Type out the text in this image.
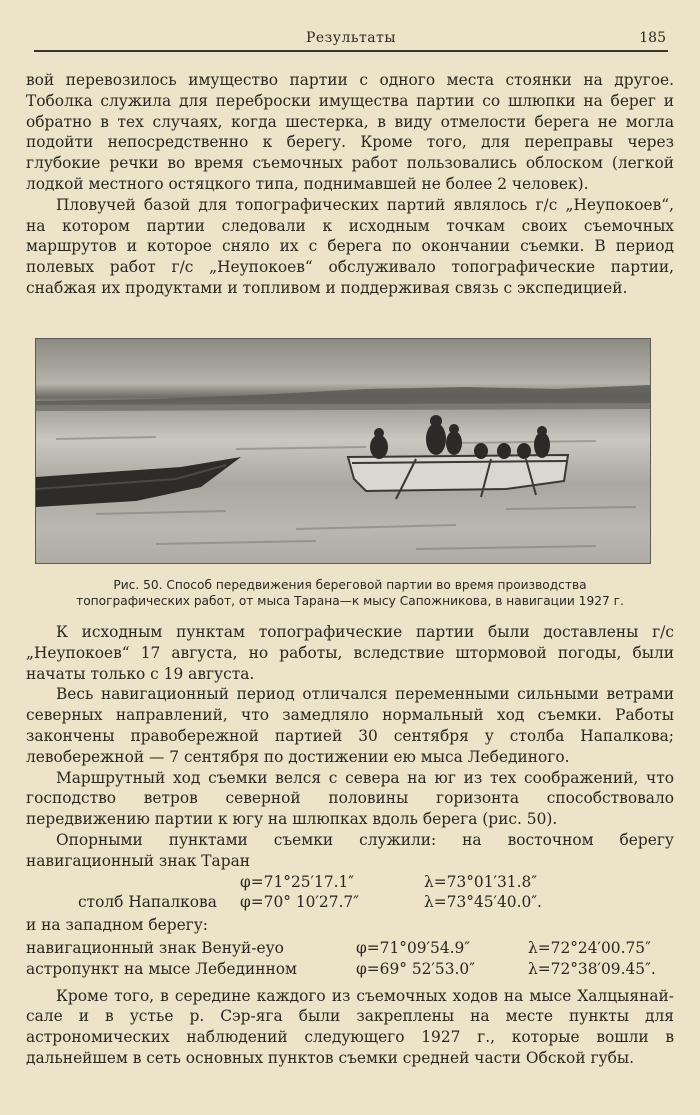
Результаты	185

вой перевозилось имущество партии с одного места стоянки на другое. Тоболка служила для переброски имущества партии со шлюпки на берег и обратно в тех случаях, когда шестерка, в виду отмелости берега не могла подойти непосредственно к берегу. Кроме того, для переправы через глубокие речки во время съемочных работ пользовались облоском (легкой лодкой местного остяцкого типа, поднимавшей не более 2 человек).

Пловучей базой для топографических партий являлось г/с „Неупокоев“, на котором партии следовали к исходным точкам своих съемочных маршрутов и которое сняло их с берега по окончании съемки. В период полевых работ г/с „Неупокоев“ обслуживало топографические партии, снабжая их продуктами и топливом и поддерживая связь с экспедицией.

Рис. 50. Способ передвижения береговой партии во время производства
топографических работ, от мыса Тарана—к мысу Сапожникова, в навигации 1927 г.

К исходным пунктам топографические партии были доставлены г/с „Неупокоев“ 17 августа, но работы, вследствие штормовой погоды, были начаты только с 19 августа.

Весь навигационный период отличался переменными сильными ветрами северных направлений, что замедляло нормальный ход съемки. Работы закончены правобережной партией 30 сентября у столба Напалкова; левобережной — 7 сентября по достижении ею мыса Лебединого.

Маршрутный ход съемки велся с севера на юг из тех соображений, что господство ветров северной половины горизонта способствовало передвижению партии к югу на шлюпках вдоль берега (рис. 50).

Опорными пунктами съемки служили: на восточном берегу навигационный знак Таран

φ=71°25′17.1″	λ=73°01′31.8″
столб Напалкова φ=70° 10′27.7″	λ=73°45′40.0″.
и на западном берегу:
навигационный знак Венуй-еуо	φ=71°09′54.9″	λ=72°24′00.75″
астропункт на мысе Лебединном	φ=69° 52′53.0″	λ=72°38′09.45″.

Кроме того, в середине каждого из съемочных ходов на мысе Халцыянай-сале и в устье р. Сэр-яга были закреплены на месте пункты для астрономических наблюдений следующего 1927 г., которые вошли в дальнейшем в сеть основных пунктов съемки средней части Обской губы.
